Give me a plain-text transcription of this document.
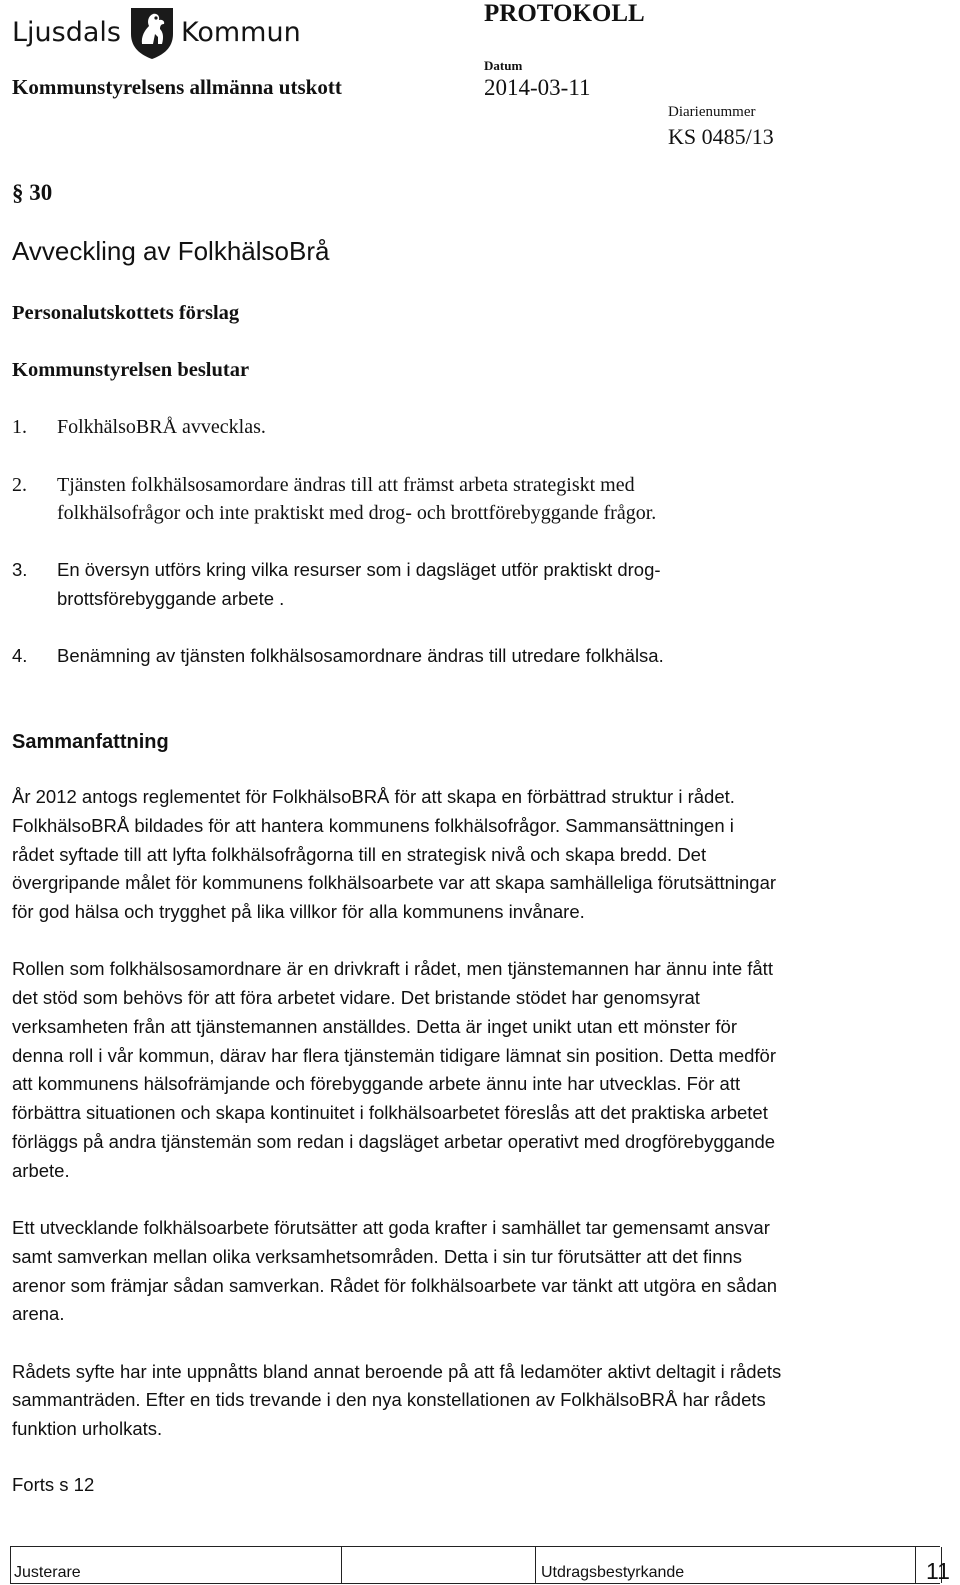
Ljusdals Kommun
PROTOKOLL
Kommunstyrelsens allmänna utskott
Datum
2014-03-11
Diarienummer
KS 0485/13
§ 30
Avveckling av FolkhälsoBrå
Personalutskottets förslag
Kommunstyrelsen beslutar
1. FolkhälsoBRÅ avvecklas.
2. Tjänsten folkhälsosamordare ändras till att främst arbeta strategiskt med
folkhälsofrågor och inte praktiskt med drog- och brottförebyggande frågor.
3. En översyn utförs kring vilka resurser som i dagsläget utför praktiskt drog-
brottsförebyggande arbete .
4. Benämning av tjänsten folkhälsosamordnare ändras till utredare folkhälsa.
Sammanfattning
År 2012 antogs reglementet för FolkhälsoBRÅ för att skapa en förbättrad struktur i rådet.
FolkhälsoBRÅ bildades för att hantera kommunens folkhälsofrågor. Sammansättningen i
rådet syftade till att lyfta folkhälsofrågorna till en strategisk nivå och skapa bredd. Det
övergripande målet för kommunens folkhälsoarbete var att skapa samhälleliga förutsättningar
för god hälsa och trygghet på lika villkor för alla kommunens invånare.
Rollen som folkhälsosamordnare är en drivkraft i rådet, men tjänstemannen har ännu inte fått
det stöd som behövs för att föra arbetet vidare. Det bristande stödet har genomsyrat
verksamheten från att tjänstemannen anställdes. Detta är inget unikt utan ett mönster för
denna roll i vår kommun, därav har flera tjänstemän tidigare lämnat sin position. Detta medför
att kommunens hälsofrämjande och förebyggande arbete ännu inte har utvecklas. För att
förbättra situationen och skapa kontinuitet i folkhälsoarbetet föreslås att det praktiska arbetet
förläggs på andra tjänstemän som redan i dagsläget arbetar operativt med drogförebyggande
arbete.
Ett utvecklande folkhälsoarbete förutsätter att goda krafter i samhället tar gemensamt ansvar
samt samverkan mellan olika verksamhetsområden. Detta i sin tur förutsätter att det finns
arenor som främjar sådan samverkan. Rådet för folkhälsoarbete var tänkt att utgöra en sådan
arena.
Rådets syfte har inte uppnåtts bland annat beroende på att få ledamöter aktivt deltagit i rådets
sammanträden. Efter en tids trevande i den nya konstellationen av FolkhälsoBRÅ har rådets
funktion urholkats.
Forts s 12
Justerare	Utdragsbestyrkande	11
